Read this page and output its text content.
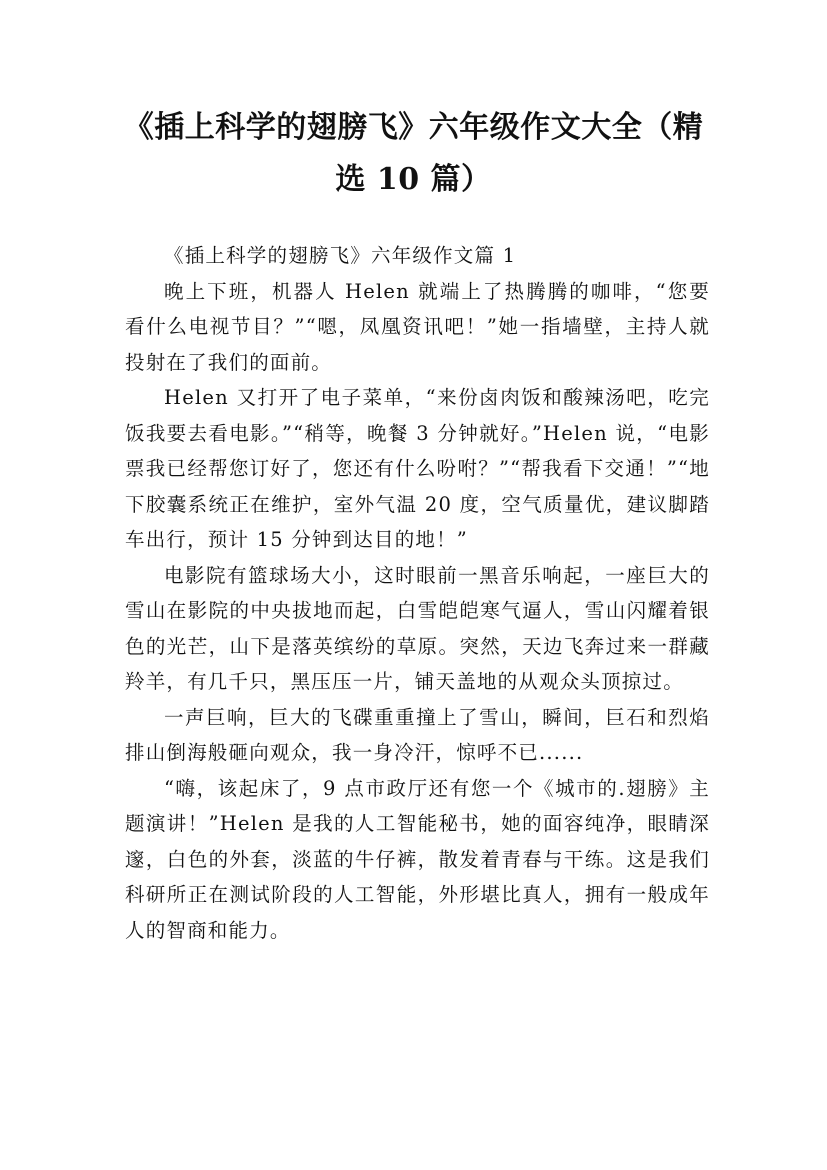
《插上科学的翅膀飞》六年级作文大全（精
选 10 篇）

《插上科学的翅膀飞》六年级作文篇 1

晚上下班，机器人 Helen 就端上了热腾腾的咖啡，“您要看什么电视节目？”“嗯，凤凰资讯吧！”她一指墙壁，主持人就投射在了我们的面前。

Helen 又打开了电子菜单，“来份卤肉饭和酸辣汤吧，吃完饭我要去看电影。”“稍等，晚餐 3 分钟就好。”Helen 说，“电影票我已经帮您订好了，您还有什么吩咐？”“帮我看下交通！”“地下胶囊系统正在维护，室外气温 20 度，空气质量优，建议脚踏车出行，预计 15 分钟到达目的地！”

电影院有篮球场大小，这时眼前一黑音乐响起，一座巨大的雪山在影院的中央拔地而起，白雪皑皑寒气逼人，雪山闪耀着银色的光芒，山下是落英缤纷的草原。突然，天边飞奔过来一群藏羚羊，有几千只，黑压压一片，铺天盖地的从观众头顶掠过。

一声巨响，巨大的飞碟重重撞上了雪山，瞬间，巨石和烈焰排山倒海般砸向观众，我一身冷汗，惊呼不已......

“嗨，该起床了，9 点市政厅还有您一个《城市的.翅膀》主题演讲！”Helen 是我的人工智能秘书，她的面容纯净，眼睛深邃，白色的外套，淡蓝的牛仔裤，散发着青春与干练。这是我们科研所正在测试阶段的人工智能，外形堪比真人，拥有一般成年人的智商和能力。
